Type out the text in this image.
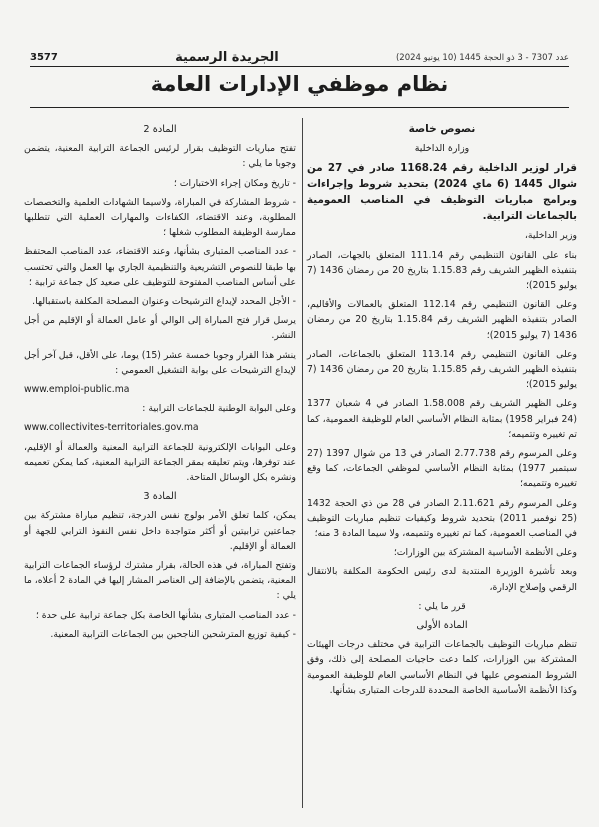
3577	الجريدة الرسمية	عدد 7307 - 3 ذو الحجة 1445 (10 يونيو 2024)
نظام موظفي الإدارات العامة

نصوص خاصة

وزارة الداخلية

قرار لوزير الداخلية رقم 1168.24 صادر في 27 من شوال 1445 (6 ماي 2024) بتحديد شروط وإجراءات وبرامج مباريات التوظيف في المناصب العمومية بالجماعات الترابية.

وزير الداخلية،

بناء على القانون التنظيمي رقم 111.14 المتعلق بالجهات، الصادر بتنفيذه الظهير الشريف رقم 1.15.83 بتاريخ 20 من رمضان 1436 (7 يوليو 2015)؛

وعلى القانون التنظيمي رقم 112.14 المتعلق بالعمالات والأقاليم، الصادر بتنفيذه الظهير الشريف رقم 1.15.84 بتاريخ 20 من رمضان 1436 (7 يوليو 2015)؛

وعلى القانون التنظيمي رقم 113.14 المتعلق بالجماعات، الصادر بتنفيذه الظهير الشريف رقم 1.15.85 بتاريخ 20 من رمضان 1436 (7 يوليو 2015)؛

وعلى الظهير الشريف رقم 1.58.008 الصادر في 4 شعبان 1377 (24 فبراير 1958) بمثابة النظام الأساسي العام للوظيفة العمومية، كما تم تغييره وتتميمه؛

وعلى المرسوم رقم 2.77.738 الصادر في 13 من شوال 1397 (27 سبتمبر 1977) بمثابة النظام الأساسي لموظفي الجماعات، كما وقع تغييره وتتميمه؛

وعلى المرسوم رقم 2.11.621 الصادر في 28 من ذي الحجة 1432 (25 نوفمبر 2011) بتحديد شروط وكيفيات تنظيم مباريات التوظيف في المناصب العمومية، كما تم تغييره وتتميمه، ولا سيما المادة 3 منه؛

وعلى الأنظمة الأساسية المشتركة بين الوزارات؛

وبعد تأشيرة الوزيرة المنتدبة لدى رئيس الحكومة المكلفة بالانتقال الرقمي وإصلاح الإدارة،

قرر ما يلي :

المادة الأولى

تنظم مباريات التوظيف بالجماعات الترابية في مختلف درجات الهيئات المشتركة بين الوزارات، كلما دعت حاجيات المصلحة إلى ذلك، وفق الشروط المنصوص عليها في النظام الأساسي العام للوظيفة العمومية وكذا الأنظمة الأساسية الخاصة المحددة للدرجات المتبارى بشأنها.

المادة 2

تفتح مباريات التوظيف بقرار لرئيس الجماعة الترابية المعنية، يتضمن وجوبا ما يلي :

- تاريخ ومكان إجراء الاختبارات ؛

- شروط المشاركة في المباراة، ولاسيما الشهادات العلمية والتخصصات المطلوبة، وعند الاقتضاء، الكفاءات والمهارات العملية التي تتطلبها ممارسة الوظيفة المطلوب شغلها ؛

- عدد المناصب المتبارى بشأنها، وعند الاقتضاء، عدد المناصب المحتفظ بها طبقا للنصوص التشريعية والتنظيمية الجاري بها العمل والتي تحتسب على أساس المناصب المفتوحة للتوظيف على صعيد كل جماعة ترابية ؛

- الأجل المحدد لإيداع الترشيحات وعنوان المصلحة المكلفة باستقبالها.

يرسل قرار فتح المباراة إلى الوالي أو عامل العمالة أو الإقليم من أجل النشر.

ينشر هذا القرار وجوبا خمسة عشر (15) يوما، على الأقل، قبل آخر أجل لإيداع الترشيحات على بوابة التشغيل العمومي :

www.emploi-public.ma

وعلى البوابة الوطنية للجماعات الترابية :

www.collectivites-territoriales.gov.ma

وعلى البوابات الإلكترونية للجماعة الترابية المعنية والعمالة أو الإقليم، عند توفرها، ويتم تعليقه بمقر الجماعة الترابية المعنية، كما يمكن تعميمه ونشره بكل الوسائل المتاحة.

المادة 3

يمكن، كلما تعلق الأمر بولوج نفس الدرجة، تنظيم مباراة مشتركة بين جماعتين ترابيتين أو أكثر متواجدة داخل نفس النفوذ الترابي للجهة أو العمالة أو الإقليم.

وتفتح المباراة، في هذه الحالة، بقرار مشترك لرؤساء الجماعات الترابية المعنية، يتضمن بالإضافة إلى العناصر المشار إليها في المادة 2 أعلاه، ما يلي :

- عدد المناصب المتبارى بشأنها الخاصة بكل جماعة ترابية على حدة ؛

- كيفية توزيع المترشحين الناجحين بين الجماعات الترابية المعنية.
